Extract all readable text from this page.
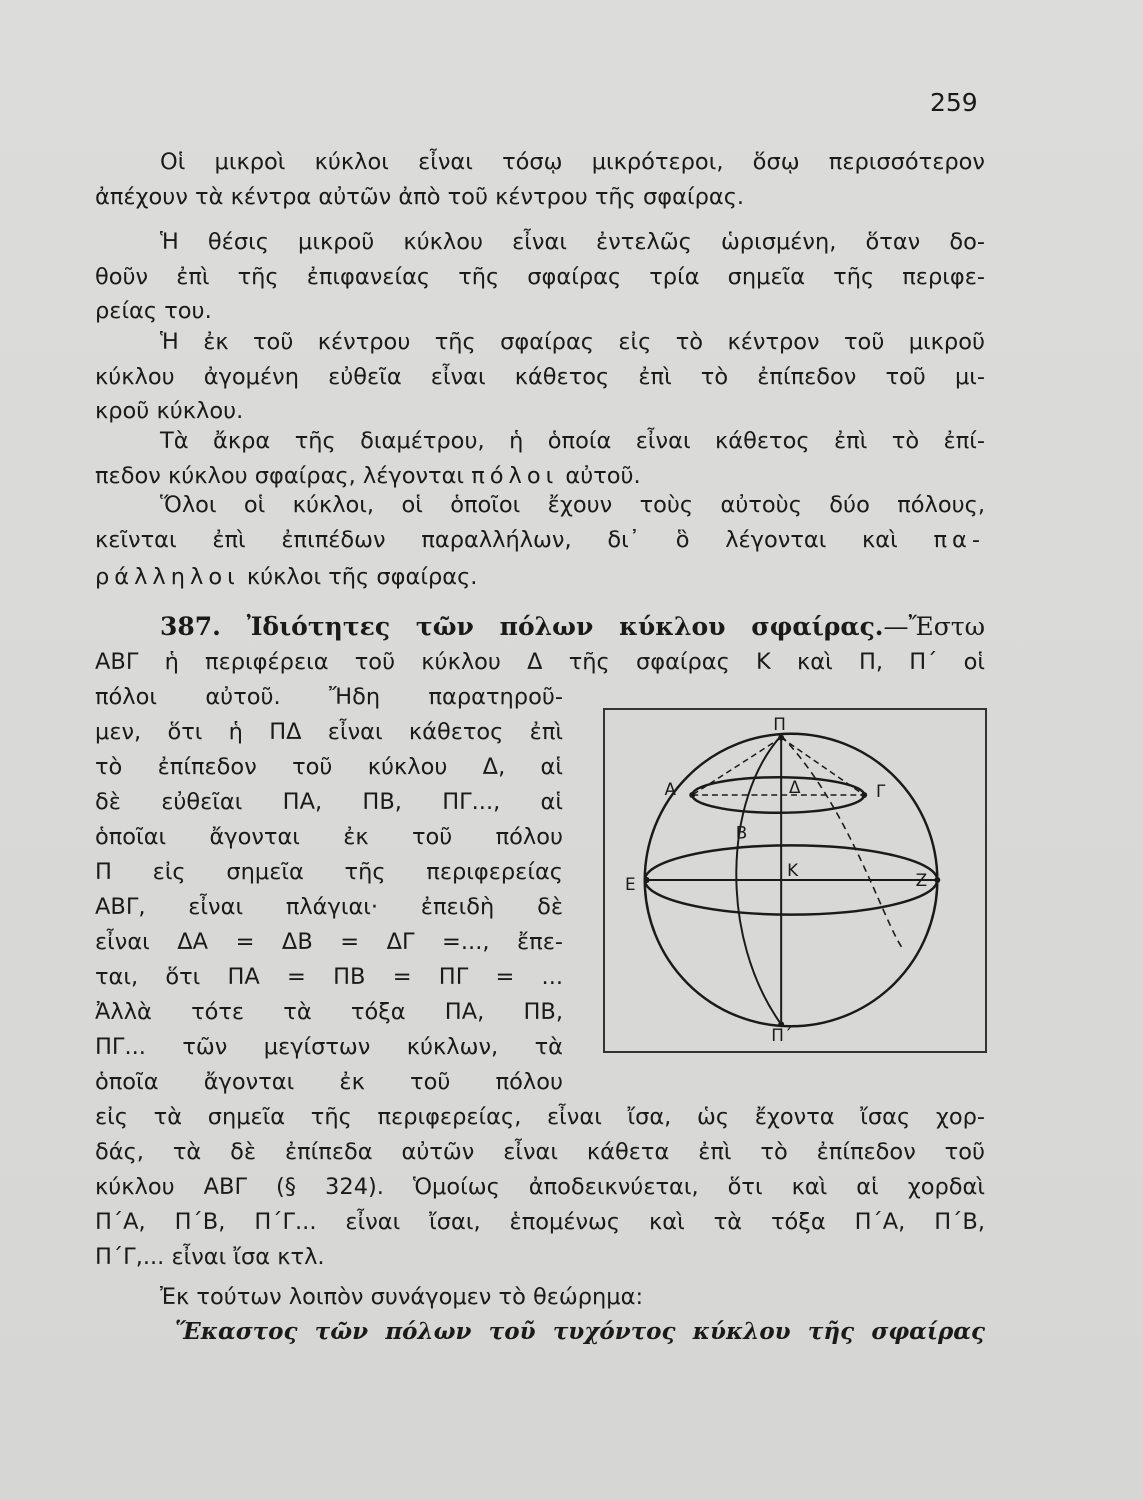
259
Οἱ μικροὶ κύκλοι εἶναι τόσῳ μικρότεροι, ὅσῳ περισσότερον
ἀπέχουν τὰ κέντρα αὐτῶν ἀπὸ τοῦ κέντρου τῆς σφαίρας.
Ἡ θέσις μικροῦ κύκλου εἶναι ἐντελῶς ὡρισμένη, ὅταν δο-
θοῦν ἐπὶ τῆς ἐπιφανείας τῆς σφαίρας τρία σημεῖα τῆς περιφε-
ρείας του.
Ἡ ἐκ τοῦ κέντρου τῆς σφαίρας εἰς τὸ κέντρον τοῦ μικροῦ
κύκλου ἀγομένη εὐθεῖα εἶναι κάθετος ἐπὶ τὸ ἐπίπεδον τοῦ μι-
κροῦ κύκλου.
Τὰ ἄκρα τῆς διαμέτρου, ἡ ὁποία εἶναι κάθετος ἐπὶ τὸ ἐπί-
πεδον κύκλου σφαίρας, λέγονται πόλοι αὐτοῦ.
Ὅλοι οἱ κύκλοι, οἱ ὁποῖοι ἔχουν τοὺς αὐτοὺς δύο πόλους,
κεῖνται ἐπὶ ἐπιπέδων παραλλήλων, δι᾿ ὃ λέγονται καὶ πα-
ράλληλοι κύκλοι τῆς σφαίρας.
387. Ἰδιότητες τῶν πόλων κύκλου σφαίρας.—Ἔστω
ΑΒΓ ἡ περιφέρεια τοῦ κύκλου Δ τῆς σφαίρας Κ καὶ Π, Π΄ οἱ
πόλοι αὐτοῦ. Ἤδη παρατηροῦ-
μεν, ὅτι ἡ ΠΔ εἶναι κάθετος ἐπὶ
τὸ ἐπίπεδον τοῦ κύκλου Δ, αἱ
δὲ εὐθεῖαι ΠΑ, ΠΒ, ΠΓ..., αἱ
ὁποῖαι ἄγονται ἐκ τοῦ πόλου
Π εἰς σημεῖα τῆς περιφερείας
ΑΒΓ, εἶναι πλάγιαι· ἐπειδὴ δὲ
εἶναι ΔΑ = ΔΒ = ΔΓ =..., ἔπε-
ται, ὅτι ΠΑ = ΠΒ = ΠΓ = ...
Ἀλλὰ τότε τὰ τόξα ΠΑ, ΠΒ,
ΠΓ... τῶν μεγίστων κύκλων, τὰ
ὁποῖα ἄγονται ἐκ τοῦ πόλου
εἰς τὰ σημεῖα τῆς περιφερείας, εἶναι ἴσα, ὡς ἔχοντα ἴσας χορ-
δάς, τὰ δὲ ἐπίπεδα αὐτῶν εἶναι κάθετα ἐπὶ τὸ ἐπίπεδον τοῦ
κύκλου ΑΒΓ (§ 324). Ὁμοίως ἀποδεικνύεται, ὅτι καὶ αἱ χορδαὶ
Π΄Α, Π΄Β, Π΄Γ... εἶναι ἴσαι, ἑπομένως καὶ τὰ τόξα Π΄Α, Π΄Β,
Π΄Γ,... εἶναι ἴσα κτλ.
Ἐκ τούτων λοιπὸν συνάγομεν τὸ θεώρημα:
Ἕκαστος τῶν πόλων τοῦ τυχόντος κύκλου τῆς σφαίρας
Π
Α	Γ
Δ
Β
Ε
Κ	Ζ
Π΄
